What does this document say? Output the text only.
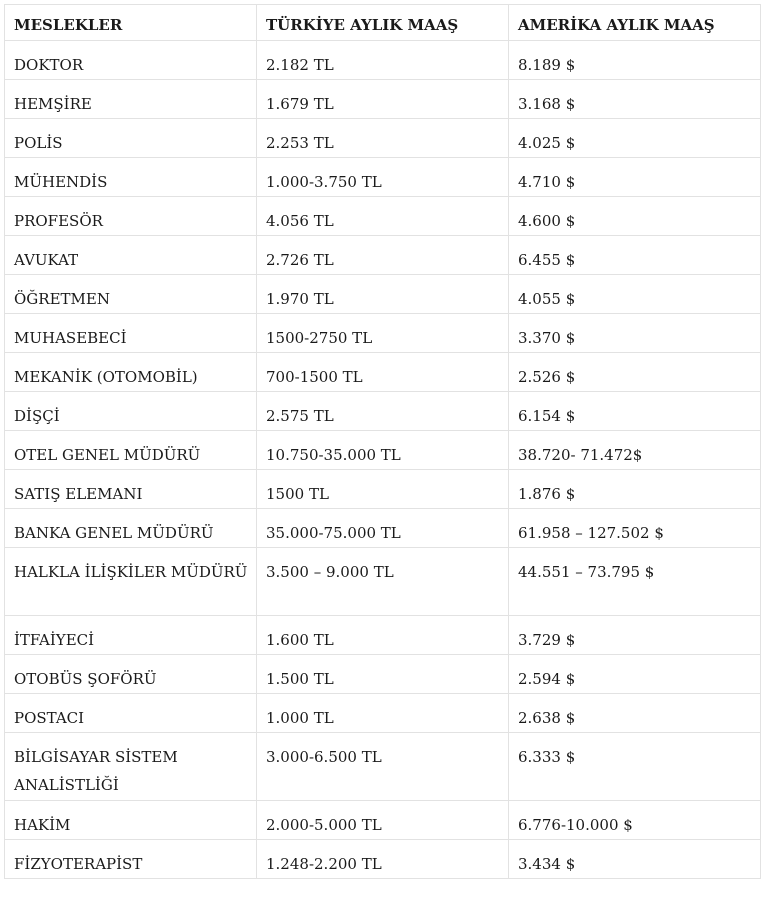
MESLEKLER	TÜRKİYE AYLIK MAAŞ	AMERİKA AYLIK MAAŞ
DOKTOR	2.182 TL	8.189 $
HEMŞİRE	1.679 TL	3.168 $
POLİS	2.253 TL	4.025 $
MÜHENDİS	1.000-3.750 TL	4.710 $
PROFESÖR	4.056 TL	4.600 $
AVUKAT	2.726 TL	6.455 $
ÖĞRETMEN	1.970 TL	4.055 $
MUHASEBECİ	1500-2750 TL	3.370 $
MEKANİK (OTOMOBİL)	700-1500 TL	2.526 $
DİŞÇİ	2.575 TL	6.154 $
OTEL GENEL MÜDÜRÜ	10.750-35.000 TL	38.720- 71.472$
SATIŞ ELEMANI	1500 TL	1.876 $
BANKA GENEL MÜDÜRÜ	35.000-75.000 TL	61.958 – 127.502 $
HALKLA İLİŞKİLER MÜDÜRÜ	3.500 – 9.000 TL	44.551 – 73.795 $
İTFAİYECİ	1.600 TL	3.729 $
OTOBÜS ŞOFÖRÜ	1.500 TL	2.594 $
POSTACI	1.000 TL	2.638 $
BİLGİSAYAR SİSTEM ANALİSTLİĞİ	3.000-6.500 TL	6.333 $
HAKİM	2.000-5.000 TL	6.776-10.000 $
FİZYOTERAPİST	1.248-2.200 TL	3.434 $
